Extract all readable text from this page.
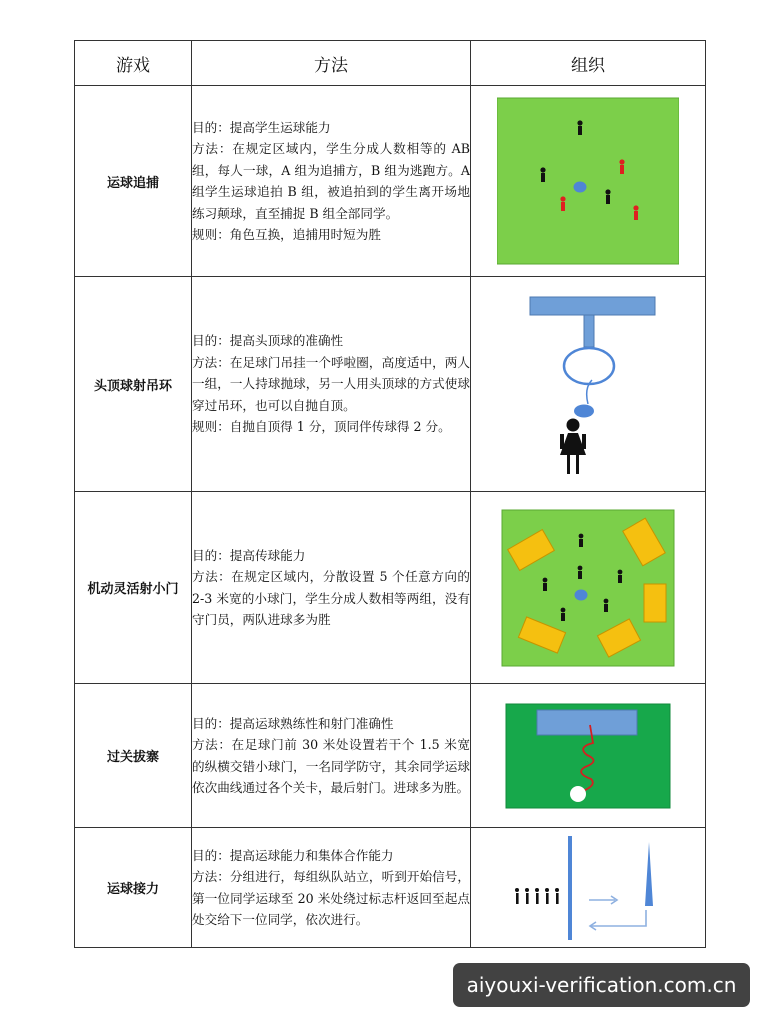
游戏	方法	组织
运球追捕	目的：提高学生运球能力
方法：在规定区域内，学生分成人数相等的 AB 组，每人一球，A 组为追捕方，B 组为逃跑方。A 组学生运球追拍 B 组，被追拍到的学生离开场地练习颠球，直至捕捉 B 组全部同学。
规则：角色互换，追捕用时短为胜

头顶球射吊环	目的：提高头顶球的准确性
方法：在足球门吊挂一个呼啦圈，高度适中，两人一组，一人持球抛球，另一人用头顶球的方式使球穿过吊环，也可以自抛自顶。
规则：自抛自顶得 1 分，顶同伴传球得 2 分。

机动灵活射小门	目的：提高传球能力
方法：在规定区域内，分散设置 5 个任意方向的 2-3 米宽的小球门，学生分成人数相等两组，没有守门员，两队进球多为胜

过关拔寨	目的：提高运球熟练性和射门准确性
方法：在足球门前 30 米处设置若干个 1.5 米宽的纵横交错小球门，一名同学防守，其余同学运球依次曲线通过各个关卡，最后射门。进球多为胜。

运球接力	目的：提高运球能力和集体合作能力
方法：分组进行，每组纵队站立，听到开始信号，第一位同学运球至 20 米处绕过标志杆返回至起点处交给下一位同学，依次进行。

aiyouxi-verification.com.cn
